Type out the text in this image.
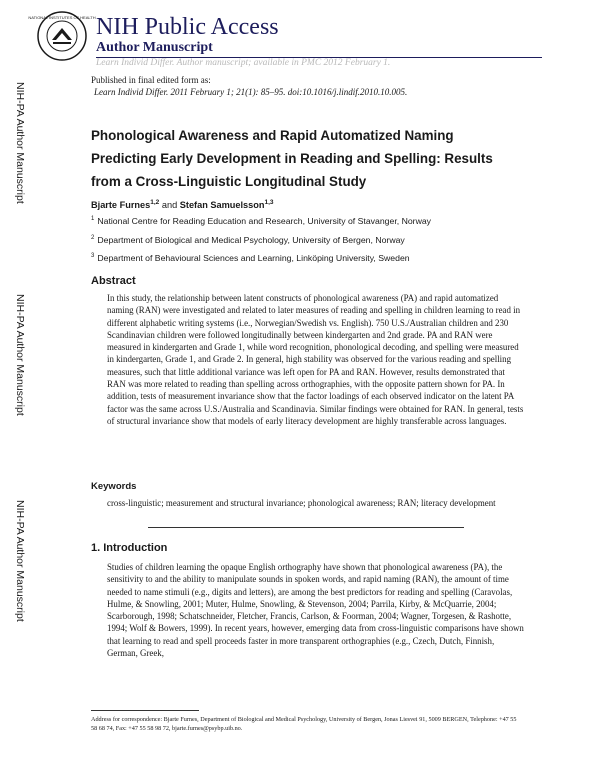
NATIONAL INSTITUTES OF HEALTH NIH Public Access
Author Manuscript
Learn Individ Differ. Author manuscript; available in PMC 2012 February 1.
NIH-PA Author Manuscript
NIH-PA Author Manuscript
NIH-PA Author Manuscript
Published in final edited form as:
Learn Individ Differ. 2011 February 1; 21(1): 85–95. doi:10.1016/j.lindif.2010.10.005.
Phonological Awareness and Rapid Automatized Naming Predicting Early Development in Reading and Spelling: Results from a Cross-Linguistic Longitudinal Study
Bjarte Furnes$^{1,2}$ and Stefan Samuelsson$^{1,3}$
$^1$ National Centre for Reading Education and Research, University of Stavanger, Norway
$^2$ Department of Biological and Medical Psychology, University of Bergen, Norway
$^3$ Department of Behavioural Sciences and Learning, Linköping University, Sweden
Abstract

In this study, the relationship between latent constructs of phonological awareness (PA) and rapid automatized naming (RAN) were investigated and related to later measures of reading and spelling in children learning to read in different alphabetic writing systems (i.e., Norwegian/Swedish vs. English). 750 U.S./Australian children and 230 Scandinavian children were followed longitudinally between kindergarten and 2nd grade. PA and RAN were measured in kindergarten and Grade 1, while word recognition, phonological decoding, and spelling were measured in kindergarten, Grade 1, and Grade 2. In general, high stability was observed for the various reading and spelling measures, such that little additional variance was left open for PA and RAN. However, results demonstrated that RAN was more related to reading than spelling across orthographies, with the opposite pattern shown for PA. In addition, tests of measurement invariance show that the factor loadings of each observed indicator on the latent PA factor was the same across U.S./Australia and Scandinavia. Similar findings were obtained for RAN. In general, tests of structural invariance show that models of early literacy development are highly transferable across languages.

Keywords

cross-linguistic; measurement and structural invariance; phonological awareness; RAN; literacy development

1. Introduction

Studies of children learning the opaque English orthography have shown that phonological awareness (PA), the sensitivity to and the ability to manipulate sounds in spoken words, and rapid naming (RAN), the amount of time needed to name stimuli (e.g., digits and letters), are among the best predictors for reading and spelling (Caravolas, Hulme, & Snowling, 2001; Muter, Hulme, Snowling, & Stevenson, 2004; Parrila, Kirby, & McQuarrie, 2004; Scarborough, 1998; Schatschneider, Fletcher, Francis, Carlson, & Foorman, 2004; Wagner, Torgesen, & Rashotte, 1994; Wolf & Bowers, 1999). In recent years, however, emerging data from cross-linguistic comparisons have shown that learning to read and spell proceeds faster in more transparent orthographies (e.g., Czech, Dutch, Finnish, German, Greek,

Address for correspondence: Bjarte Furnes, Department of Biological and Medical Psychology, University of Bergen, Jonas Liesvei 91, 5009 BERGEN, Telephone: +47 55 58 68 74, Fax: +47 55 58 98 72, bjarte.furnes@psybp.uib.no.
